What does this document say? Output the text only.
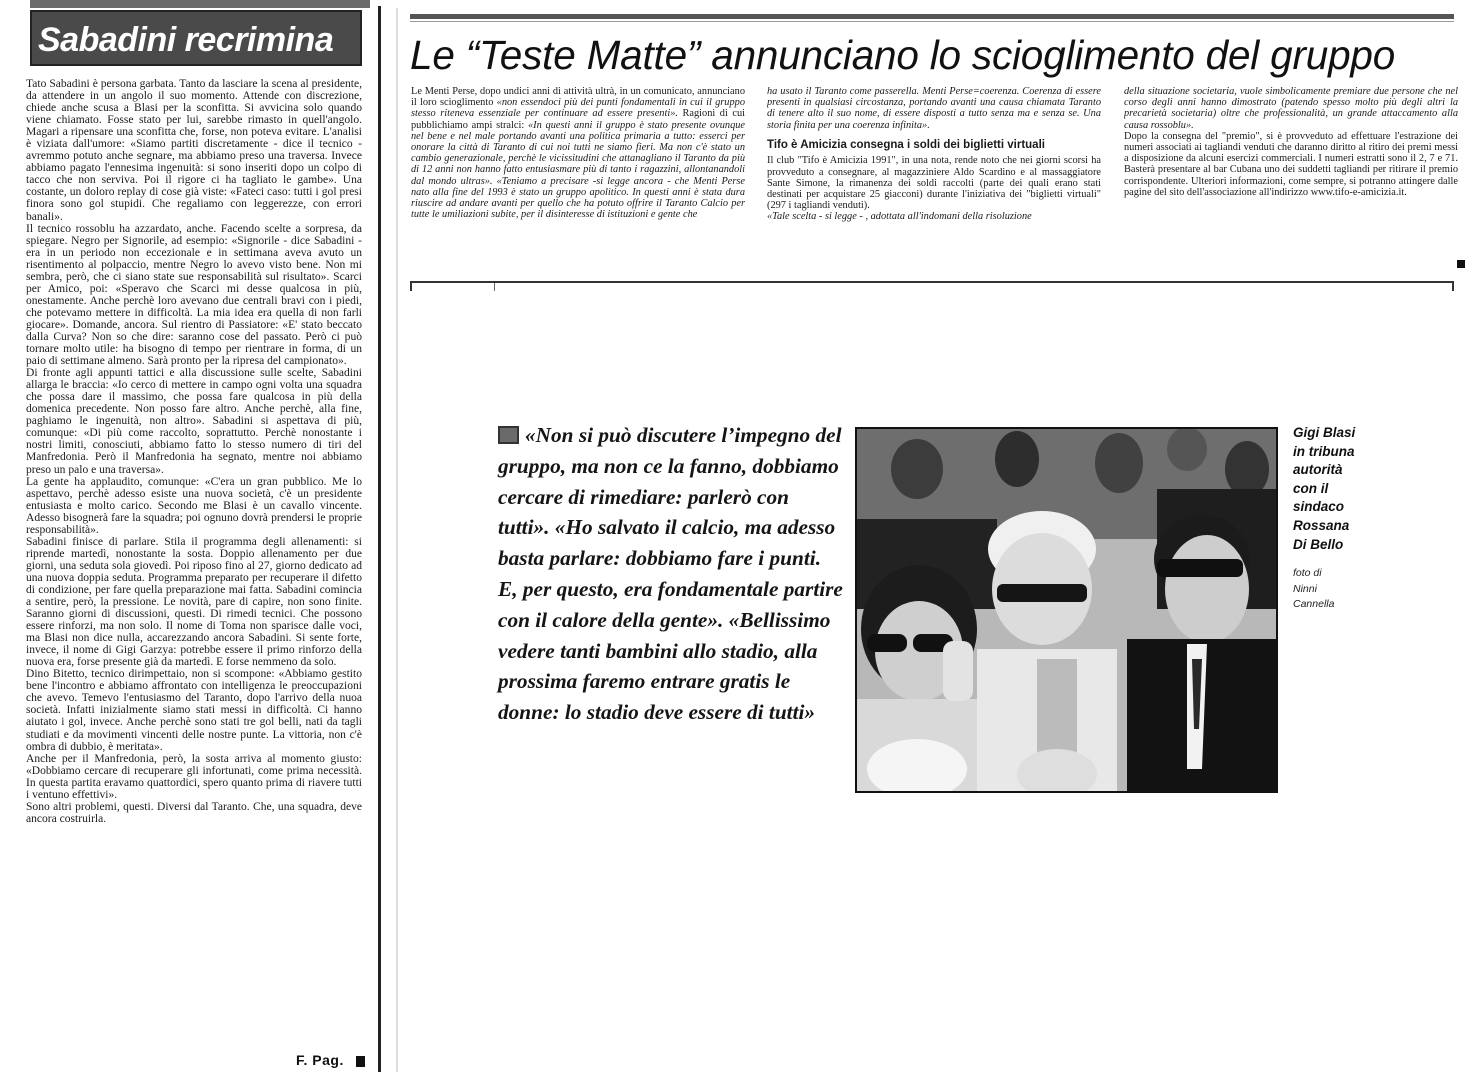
Sabadini recrimina

Tato Sabadini è persona garbata. Tanto da lasciare la scena al presidente, da attendere in un angolo il suo momento. Attende con discrezione, chiede anche scusa a Blasi per la sconfitta. Si avvicina solo quando viene chiamato. Fosse stato per lui, sarebbe rimasto in quell'angolo. Magari a ripensare una sconfitta che, forse, non poteva evitare. L'analisi è viziata dall'umore: «Siamo partiti discretamente - dice il tecnico - avremmo potuto anche segnare, ma abbiamo preso una traversa. Invece abbiamo pagato l'ennesima ingenuità: si sono inseriti dopo un colpo di tacco che non serviva. Poi il rigore ci ha tagliato le gambe». Una costante, un doloro replay di cose già viste: «Fateci caso: tutti i gol presi finora sono gol stupidi. Che regaliamo con leggerezze, con errori banali».

Il tecnico rossoblu ha azzardato, anche. Facendo scelte a sorpresa, da spiegare. Negro per Signorile, ad esempio: «Signorile - dice Sabadini - era in un periodo non eccezionale e in settimana aveva avuto un risentimento al polpaccio, mentre Negro lo avevo visto bene. Non mi sembra, però, che ci siano state sue responsabilità sul risultato». Scarci per Amico, poi: «Speravo che Scarci mi desse qualcosa in più, onestamente. Anche perchè loro avevano due centrali bravi con i piedi, che potevamo mettere in difficoltà. La mia idea era quella di non farli giocare». Domande, ancora. Sul rientro di Passiatore: «E' stato beccato dalla Curva? Non so che dire: saranno cose del passato. Però ci può tornare molto utile: ha bisogno di tempo per rientrare in forma, di un paio di settimane almeno. Sarà pronto per la ripresa del campionato».

Di fronte agli appunti tattici e alla discussione sulle scelte, Sabadini allarga le braccia: «Io cerco di mettere in campo ogni volta una squadra che possa dare il massimo, che possa fare qualcosa in più della domenica precedente. Non posso fare altro. Anche perchè, alla fine, paghiamo le ingenuità, non altro». Sabadini si aspettava di più, comunque: «Di più come raccolto, soprattutto. Perchè nonostante i nostri limiti, conosciuti, abbiamo fatto lo stesso numero di tiri del Manfredonia. Però il Manfredonia ha segnato, mentre noi abbiamo preso un palo e una traversa».

La gente ha applaudito, comunque: «C'era un gran pubblico. Me lo aspettavo, perchè adesso esiste una nuova società, c'è un presidente entusiasta e molto carico. Secondo me Blasi è un cavallo vincente. Adesso bisognerà fare la squadra; poi ognuno dovrà prendersi le proprie responsabilità».

Sabadini finisce di parlare. Stila il programma degli allenamenti: si riprende martedì, nonostante la sosta. Doppio allenamento per due giorni, una seduta sola giovedì. Poi riposo fino al 27, giorno dedicato ad una nuova doppia seduta. Programma preparato per recuperare il difetto di condizione, per fare quella preparazione mai fatta. Sabadini comincia a sentire, però, la pressione. Le novità, pare di capire, non sono finite. Saranno giorni di discussioni, questi. Di rimedi tecnici. Che possono essere rinforzi, ma non solo. Il nome di Toma non sparisce dalle voci, ma Blasi non dice nulla, accarezzando ancora Sabadini. Si sente forte, invece, il nome di Gigi Garzya: potrebbe essere il primo rinforzo della nuova era, forse presente già da martedì. E forse nemmeno da solo.

Dino Bitetto, tecnico dirimpettaio, non si scompone: «Abbiamo gestito bene l'incontro e abbiamo affrontato con intelligenza le preoccupazioni che avevo. Temevo l'entusiasmo del Taranto, dopo l'arrivo della nuoa società. Infatti inizialmente siamo stati messi in difficoltà. Ci hanno aiutato i gol, invece. Anche perchè sono stati tre gol belli, nati da tagli studiati e da movimenti vincenti delle nostre punte. La vittoria, non c'è ombra di dubbio, è meritata».

Anche per il Manfredonia, però, la sosta arriva al momento giusto: «Dobbiamo cercare di recuperare gli infortunati, come prima necessità. In questa partita eravamo quattordici, spero quanto prima di riavere tutti i ventuno effettivi».

Sono altri problemi, questi. Diversi dal Taranto. Che, una squadra, deve ancora costruirla.

F. Pag.
Le “Teste Matte” annunciano lo scioglimento del gruppo

Le Menti Perse, dopo undici anni di attività ultrà, in un comunicato, annunciano il loro scioglimento «non essendoci più dei punti fondamentali in cui il gruppo stesso riteneva essenziale per continuare ad essere presenti». Ragioni di cui pubblichiamo ampi stralci: «In questi anni il gruppo è stato presente ovunque nel bene e nel male portando avanti una politica primaria a tutto: esserci per onorare la città di Taranto di cui noi tutti ne siamo fieri. Ma non c'è stato un cambio generazionale, perchè le vicissitudini che attanagliano il Taranto da più di 12 anni non hanno fatto entusiasmare più di tanto i ragazzini, allontanandoli dal mondo ultras». «Teniamo a precisare -si legge ancora - che Menti Perse nato alla fine del 1993 è stato un gruppo apolitico. In questi anni è stata dura riuscire ad andare avanti per quello che ha potuto offrire il Taranto Calcio per tutte le umiliazioni subite, per il disinteresse di istituzioni e gente che

ha usato il Taranto come passerella. Menti Perse=coerenza. Coerenza di essere presenti in qualsiasi circostanza, portando avanti una causa chiamata Taranto di tenere alto il suo nome, di essere disposti a tutto senza ma e senza se. Una storia finita per una coerenza infinita».

Tifo è Amicizia consegna i soldi dei biglietti virtuali

Il club "Tifo è Amicizia 1991", in una nota, rende noto che nei giorni scorsi ha provveduto a consegnare, al magazziniere Aldo Scardino e al massaggiatore Sante Simone, la rimanenza dei soldi raccolti (parte dei quali erano stati destinati per acquistare 25 giacconi) durante l'iniziativa dei "biglietti virtuali" (297 i tagliandi venduti).

«Tale scelta - si legge - , adottata all'indomani della risoluzione

della situazione societaria, vuole simbolicamente premiare due persone che nel corso degli anni hanno dimostrato (patendo spesso molto più degli altri la precarietà societaria) oltre che professionalità, un grande attaccamento alla causa rossoblu».

Dopo la consegna del "premio", si è provveduto ad effettuare l'estrazione dei numeri associati ai tagliandi venduti che daranno diritto al ritiro dei premi messi a disposizione da alcuni esercizi commerciali. I numeri estratti sono il 2, 7 e 71. Basterà presentare al bar Cubana uno dei suddetti tagliandi per ritirare il premio corrispondente. Ulteriori informazioni, come sempre, si potranno attingere dalle pagine del sito dell'associazione all'indirizzo www.tifo-e-amicizia.it.

«Non si può discutere l’impegno del gruppo, ma non ce la fanno, dobbiamo cercare di rimediare: parlerò con tutti». «Ho salvato il calcio, ma adesso basta parlare: dobbiamo fare i punti. E, per questo, era fondamentale partire con il calore della gente». «Bellissimo vedere tanti bambini allo stadio, alla prossima faremo entrare gratis le donne: lo stadio deve essere di tutti»
Gigi Blasi
in tribuna
autorità
con il
sindaco
Rossana
Di Bello
foto di
Ninni
Cannella
